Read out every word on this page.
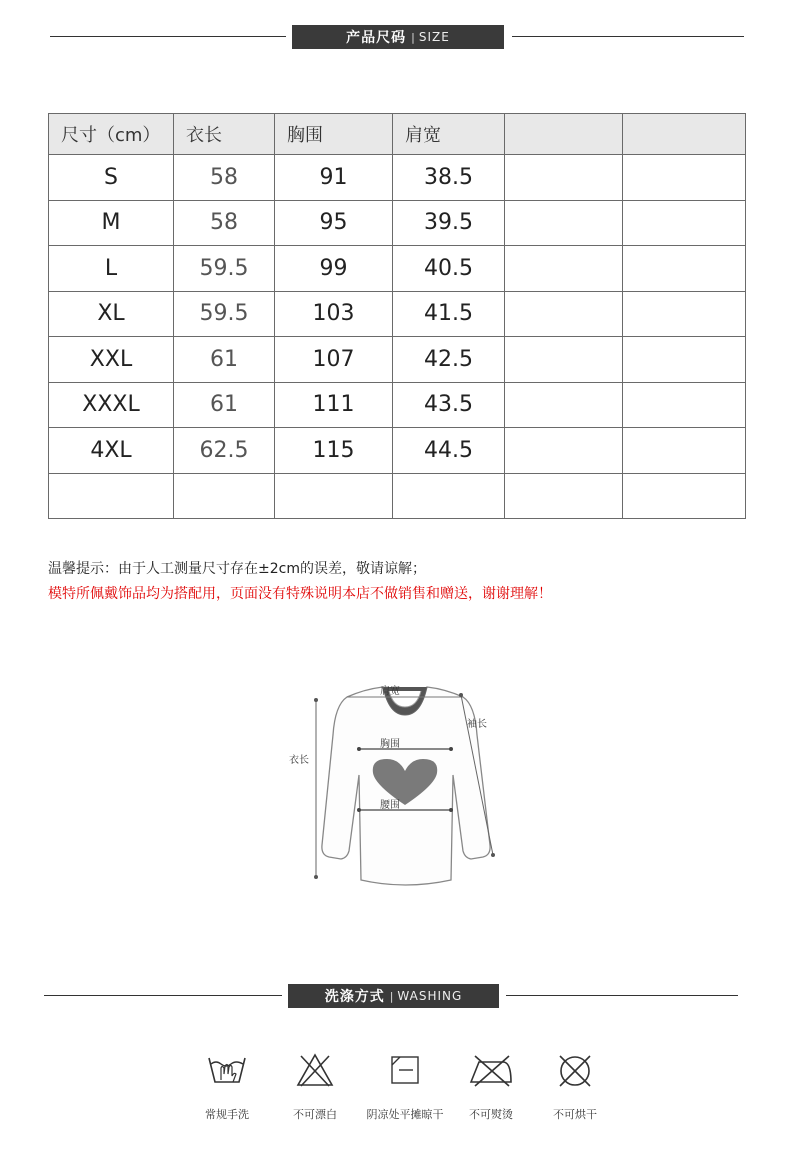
产品尺码 | SIZE
尺寸（cm）	衣长	胸围	肩宽		
S	58	91	38.5		
M	58	95	39.5		
L	59.5	99	40.5		
XL	59.5	103	41.5		
XXL	61	107	42.5		
XXXL	61	111	43.5		
4XL	62.5	115	44.5		

温馨提示：由于人工测量尺寸存在±2cm的误差，敬请谅解；
模特所佩戴饰品均为搭配用，页面没有特殊说明本店不做销售和赠送，谢谢理解！
肩宽
袖长
衣长
胸围
腰围
洗涤方式 | WASHING
常规手洗	不可漂白	阴凉处平摊晾干	不可熨烫	不可烘干
